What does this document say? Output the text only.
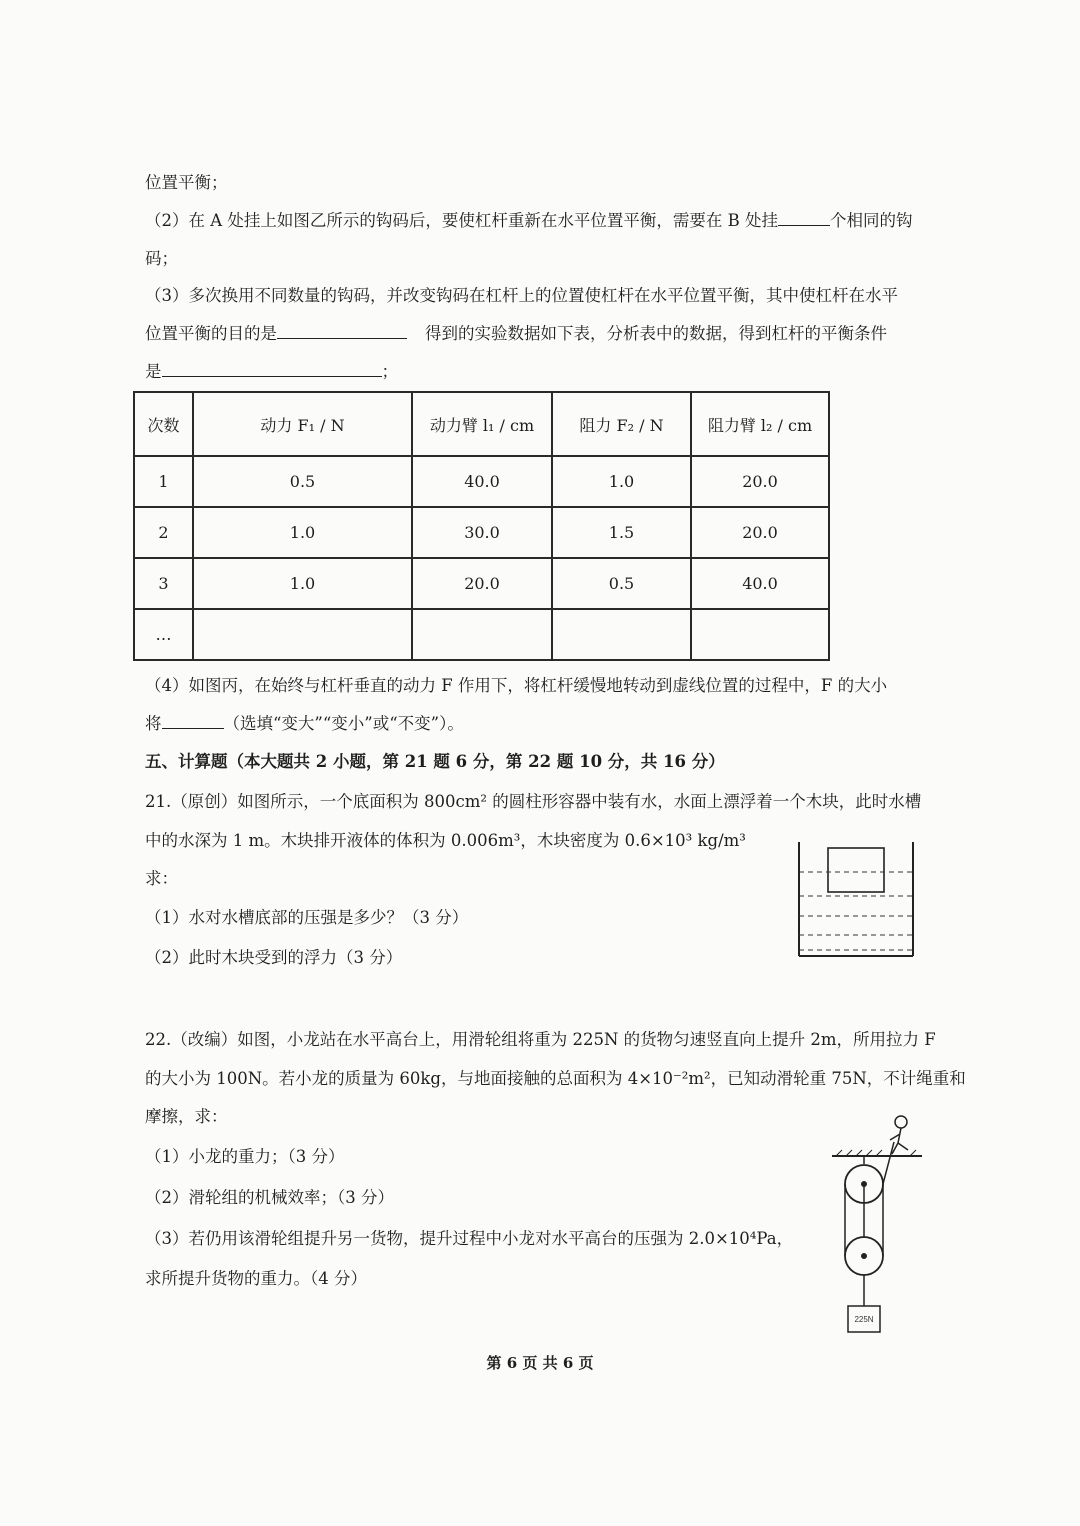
位置平衡；
（2）在 A 处挂上如图乙所示的钩码后，要使杠杆重新在水平位置平衡，需要在 B 处挂	个相同的钩
码；
（3）多次换用不同数量的钩码，并改变钩码在杠杆上的位置使杠杆在水平位置平衡，其中使杠杆在水平
位置平衡的目的是	得到的实验数据如下表，分析表中的数据，得到杠杆的平衡条件
是	；
次数	动力 F₁ / N	动力臂 l₁ / cm	阻力 F₂ / N	阻力臂 l₂ / cm
1	0.5	40.0	1.0	20.0
2	1.0	30.0	1.5	20.0
3	1.0	20.0	0.5	40.0
…				
（4）如图丙，在始终与杠杆垂直的动力 F 作用下，将杠杆缓慢地转动到虚线位置的过程中，F 的大小
将	（选填“变大”“变小”或“不变”）。
五、计算题（本大题共 2 小题，第 21 题 6 分，第 22 题 10 分，共 16 分）
21.（原创）如图所示，一个底面积为 800cm² 的圆柱形容器中装有水，水面上漂浮着一个木块，此时水槽
中的水深为 1 m。木块排开液体的体积为 0.006m³，木块密度为 0.6×10³ kg/m³
求：
（1）水对水槽底部的压强是多少？（3 分）
（2）此时木块受到的浮力（3 分）
22.（改编）如图，小龙站在水平高台上，用滑轮组将重为 225N 的货物匀速竖直向上提升 2m，所用拉力 F
的大小为 100N。若小龙的质量为 60kg，与地面接触的总面积为 4×10⁻²m²，已知动滑轮重 75N，不计绳重和
摩擦，求：
（1）小龙的重力；（3 分）
（2）滑轮组的机械效率；（3 分）
（3）若仍用该滑轮组提升另一货物，提升过程中小龙对水平高台的压强为 2.0×10⁴Pa，
求所提升货物的重力。（4 分）
225N
第 6 页 共 6 页
